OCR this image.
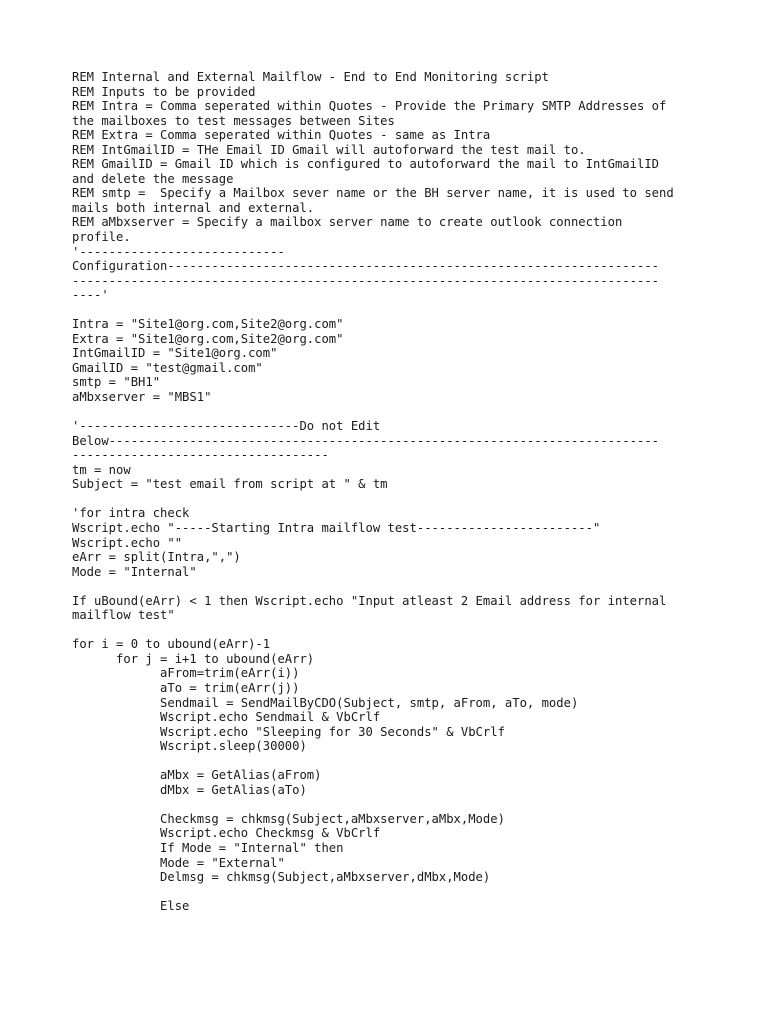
REM Internal and External Mailflow - End to End Monitoring script
REM Inputs to be provided
REM Intra = Comma seperated within Quotes - Provide the Primary SMTP Addresses of
the mailboxes to test messages between Sites
REM Extra = Comma seperated within Quotes - same as Intra
REM IntGmailID = THe Email ID Gmail will autoforward the test mail to.
REM GmailID = Gmail ID which is configured to autoforward the mail to IntGmailID
and delete the message
REM smtp =  Specify a Mailbox sever name or the BH server name, it is used to send
mails both internal and external.
REM aMbxserver = Specify a mailbox server name to create outlook connection
profile.
'----------------------------
Configuration-------------------------------------------------------------------
--------------------------------------------------------------------------------
----'
Intra = "Site1@org.com,Site2@org.com"
Extra = "Site1@org.com,Site2@org.com"
IntGmailID = "Site1@org.com"
GmailID = "test@gmail.com"
smtp = "BH1"
aMbxserver = "MBS1"
'------------------------------Do not Edit
Below---------------------------------------------------------------------------
-----------------------------------
tm = now
Subject = "test email from script at " & tm
'for intra check
Wscript.echo "-----Starting Intra mailflow test------------------------"
Wscript.echo ""
eArr = split(Intra,",")
Mode = "Internal"
If uBound(eArr) < 1 then Wscript.echo "Input atleast 2 Email address for internal
mailflow test"
for i = 0 to ubound(eArr)-1
for j = i+1 to ubound(eArr)
aFrom=trim(eArr(i))
aTo = trim(eArr(j))
Sendmail = SendMailByCDO(Subject, smtp, aFrom, aTo, mode)
Wscript.echo Sendmail & VbCrlf
Wscript.echo "Sleeping for 30 Seconds" & VbCrlf
Wscript.sleep(30000)
aMbx = GetAlias(aFrom)
dMbx = GetAlias(aTo)
Checkmsg = chkmsg(Subject,aMbxserver,aMbx,Mode)
Wscript.echo Checkmsg & VbCrlf
If Mode = "Internal" then
Mode = "External"
Delmsg = chkmsg(Subject,aMbxserver,dMbx,Mode)
Else
